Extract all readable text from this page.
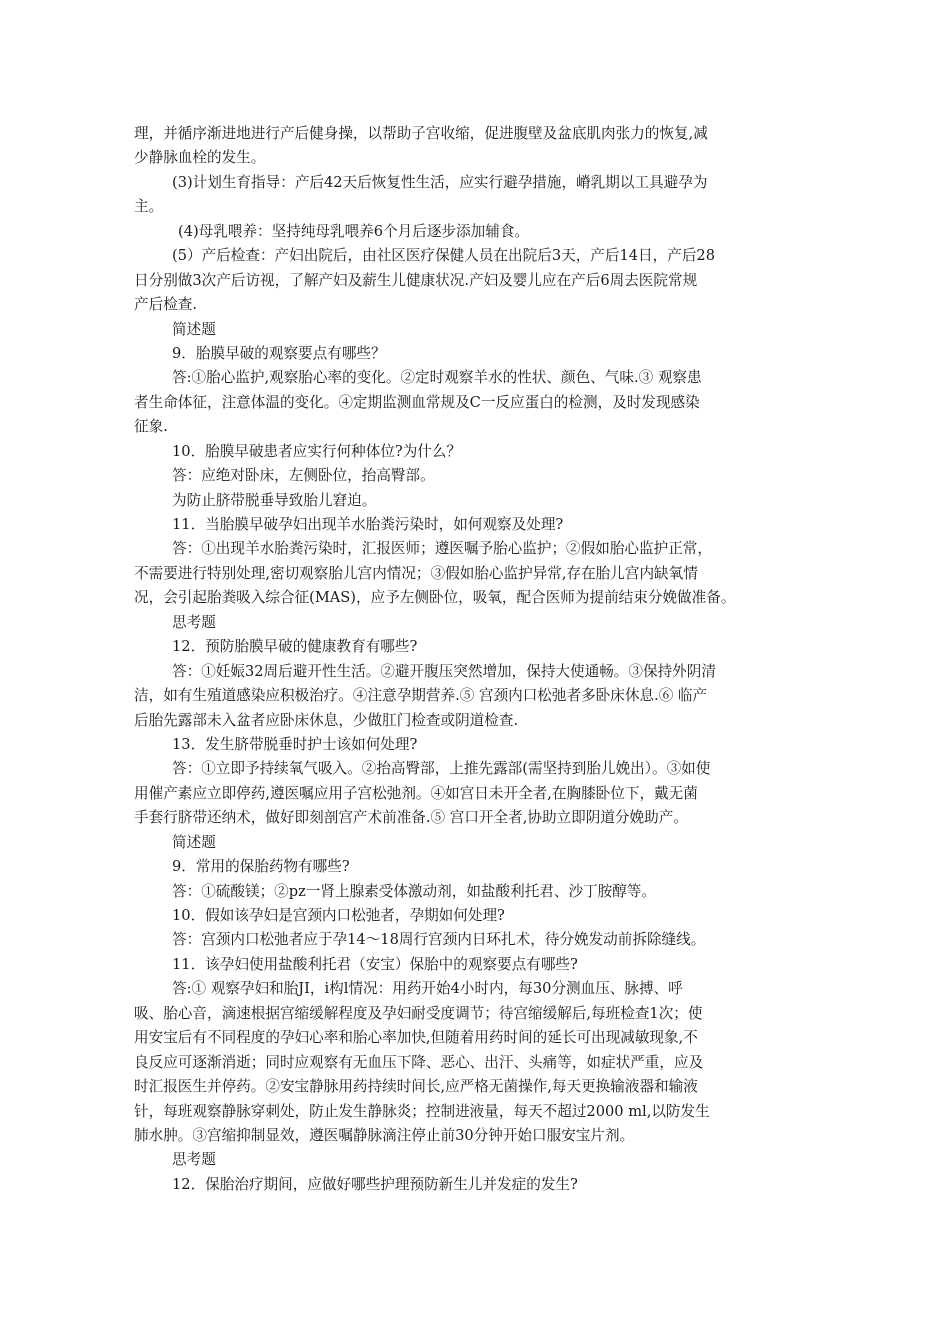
理，并循序渐进地进行产后健身操，以帮助子宫收缩，促进腹壁及盆底肌肉张力的恢复,减
少静脉血栓的发生。
(3)计划生育指导：产后42天后恢复性生活，应实行避孕措施，嵴乳期以工具避孕为
主。
(4)母乳喂养：坚持纯母乳喂养6个月后逐步添加辅食。
(5）产后检查：产妇出院后，由社区医疗保健人员在出院后3天，产后14日，产后28
日分别做3次产后访视，了解产妇及薪生儿健康状况.产妇及婴儿应在产后6周去医院常规
产后检查.
简述题
9．胎膜早破的观察要点有哪些？
答:①胎心监护,观察胎心率的变化。②定时观察羊水的性状、颜色、气味.③ 观察患
者生命体征，注意体温的变化。④定期监测血常规及C一反应蛋白的检测，及时发现感染
征象.
10．胎膜早破患者应实行何种体位?为什么？
答：应绝对卧床，左侧卧位，抬高臀部。
为防止脐带脱垂导致胎儿窘迫。
11．当胎膜早破孕妇出现羊水胎粪污染时，如何观察及处理?
答：①出现羊水胎粪污染时，汇报医师；遵医嘱予胎心监护；②假如胎心监护正常，
不需要进行特别处理,密切观察胎儿宫内情况；③假如胎心监护异常,存在胎儿宫内缺氧情
况，会引起胎粪吸入综合征(MAS)，应予左侧卧位，吸氧，配合医师为提前结束分娩做准备。
思考题
12．预防胎膜早破的健康教育有哪些?
答：①妊娠32周后避开性生活。②避开腹压突然增加，保持大使通畅。③保持外阴清
洁，如有生殖道感染应积极治疗。④注意孕期营养.⑤ 宫颈内口松弛者多卧床休息.⑥ 临产
后胎先露部未入盆者应卧床休息，少做肛门检查或阴道检查.
13．发生脐带脱垂时护士该如何处理?
答：①立即予持续氧气吸入。②抬高臀部，上推先露部(需坚持到胎儿娩出）。③如使
用催产素应立即停药,遵医嘱应用子宫松弛剂。④如宫日未开全者,在胸膝卧位下，戴无菌
手套行脐带还纳术，做好即刻剖宫产术前准备.⑤ 宫口开全者,协助立即阴道分娩助产。
简述题
9．常用的保胎药物有哪些?
答：①硫酸镁；②pz一肾上腺素受体激动剂，如盐酸利托君、沙丁胺醇等。
10．假如该孕妇是宫颈内口松弛者，孕期如何处理?
答：宫颈内口松弛者应于孕14～18周行宫颈内日环扎术，待分娩发动前拆除缝线。
11．该孕妇使用盐酸利托君（安宝）保胎中的观察要点有哪些?
答:① 观察孕妇和胎JI，i构l情况：用药开始4小时内，每30分测血压、脉搏、呼
吸、胎心音，滴速根据宫缩缓解程度及孕妇耐受度调节；待宫缩缓解后,每班检查1次；使
用安宝后有不同程度的孕妇心率和胎心率加快,但随着用药时间的延长可出现减敏现象,不
良反应可逐渐消逝；同时应观察有无血压下降、恶心、出汗、头痛等，如症状严重，应及
时汇报医生并停药。②安宝静脉用药持续时间长,应严格无菌操作,每天更换输液器和输液
针，每班观察静脉穿刺处，防止发生静脉炎；控制进液量，每天不超过2000 ml,以防发生
肺水肿。③宫缩抑制显效，遵医嘱静脉滴注停止前30分钟开始口服安宝片剂。
思考题
12．保胎治疗期间，应做好哪些护理预防新生儿并发症的发生?
